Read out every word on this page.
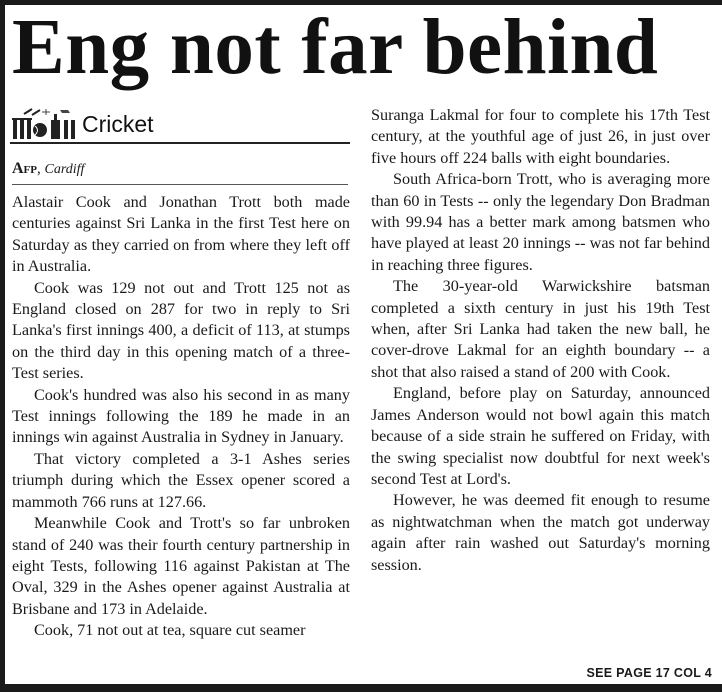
Eng not far behind
Cricket
Afp, Cardiff

Alastair Cook and Jonathan Trott both made centuries against Sri Lanka in the first Test here on Saturday as they carried on from where they left off in Australia.

Cook was 129 not out and Trott 125 not as England closed on 287 for two in reply to Sri Lanka's first innings 400, a deficit of 113, at stumps on the third day in this opening match of a three-Test series.

Cook's hundred was also his second in as many Test innings following the 189 he made in an innings win against Australia in Sydney in January.

That victory completed a 3-1 Ashes series triumph during which the Essex opener scored a mammoth 766 runs at 127.66.

Meanwhile Cook and Trott's so far unbroken stand of 240 was their fourth century partnership in eight Tests, following 116 against Pakistan at The Oval, 329 in the Ashes opener against Australia at Brisbane and 173 in Adelaide.

Cook, 71 not out at tea, square cut seamer

Suranga Lakmal for four to complete his 17th Test century, at the youthful age of just 26, in just over five hours off 224 balls with eight boundaries.

South Africa-born Trott, who is averaging more than 60 in Tests -- only the legendary Don Bradman with 99.94 has a better mark among batsmen who have played at least 20 innings -- was not far behind in reaching three figures.

The 30-year-old Warwickshire batsman completed a sixth century in just his 19th Test when, after Sri Lanka had taken the new ball, he cover-drove Lakmal for an eighth boundary -- a shot that also raised a stand of 200 with Cook.

England, before play on Saturday, announced James Anderson would not bowl again this match because of a side strain he suffered on Friday, with the swing specialist now doubtful for next week's second Test at Lord's.

However, he was deemed fit enough to resume as nightwatchman when the match got underway again after rain washed out Saturday's morning session.

SEE PAGE 17 COL 4
